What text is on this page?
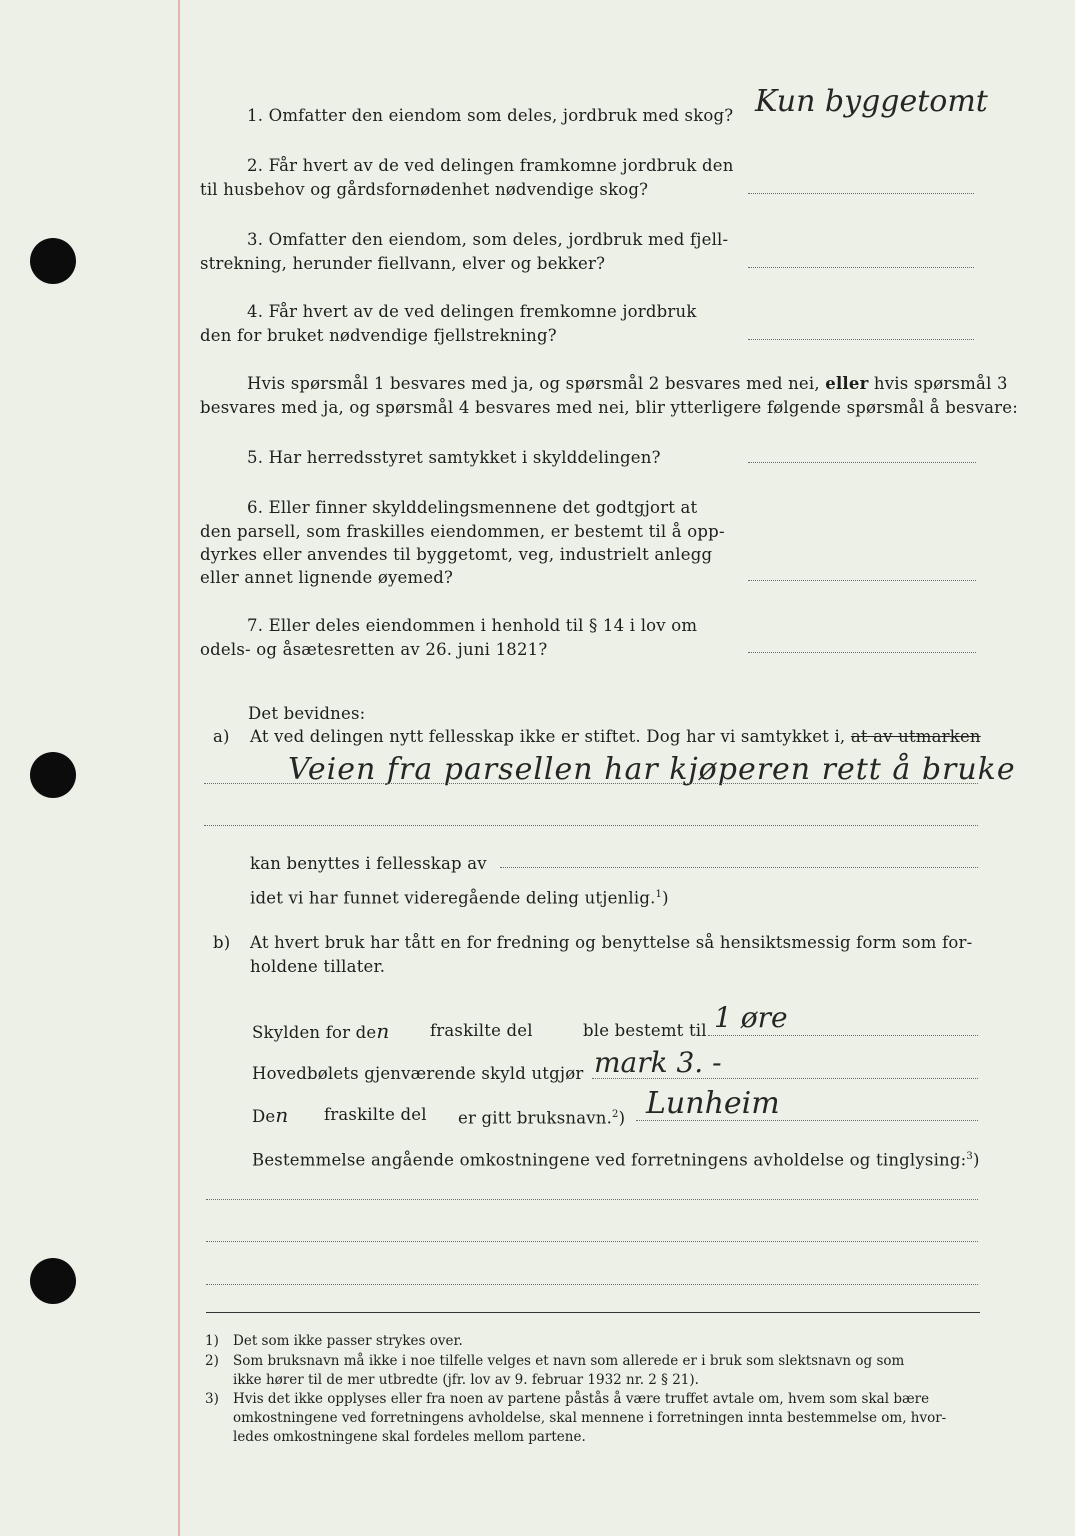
1. Omfatter den eiendom som deles, jordbruk med skog? Kun byggetomt
2. Får hvert av de ved delingen framkomne jordbruk den
til husbehov og gårdsfornødenhet nødvendige skog?
3. Omfatter den eiendom, som deles, jordbruk med fjell-
strekning, herunder fiellvann, elver og bekker?
4. Får hvert av de ved delingen fremkomne jordbruk
den for bruket nødvendige fjellstrekning?
Hvis spørsmål 1 besvares med ja, og spørsmål 2 besvares med nei, eller hvis spørsmål 3
besvares med ja, og spørsmål 4 besvares med nei, blir ytterligere følgende spørsmål å besvare:
5. Har herredsstyret samtykket i skylddelingen?
6. Eller finner skylddelingsmennene det godtgjort at
den parsell, som fraskilles eiendommen, er bestemt til å opp-
dyrkes eller anvendes til byggetomt, veg, industrielt anlegg
eller annet lignende øyemed?
7. Eller deles eiendommen i henhold til § 14 i lov om
odels- og åsætesretten av 26. juni 1821?
Det bevidnes:
a) At ved delingen nytt fellesskap ikke er stiftet. Dog har vi samtykket i, at av utmarken
Veien fra parsellen har kjøperen rett å bruke
kan benyttes i fellesskap av
idet vi har funnet videregående deling utjenlig.$^1$)
b) At hvert bruk har tått en for fredning og benyttelse så hensiktsmessig form som for-
holdene tillater.
Skylden for den fraskilte del	ble bestemt til 1 øre
Hovedbølets gjenværende skyld utgjør mark 3. -
Den fraskilte del er gitt bruksnavn.$^2$) Lunheim
Bestemmelse angående omkostningene ved forretningens avholdelse og tinglysing:$^3$)
1) Det som ikke passer strykes over.
2) Som bruksnavn må ikke i noe tilfelle velges et navn som allerede er i bruk som slektsnavn og som
ikke hører til de mer utbredte (jfr. lov av 9. februar 1932 nr. 2 § 21).
3) Hvis det ikke opplyses eller fra noen av partene påstås å være truffet avtale om, hvem som skal bære
omkostningene ved forretningens avholdelse, skal mennene i forretningen innta bestemmelse om, hvor-
ledes omkostningene skal fordeles mellom partene.
